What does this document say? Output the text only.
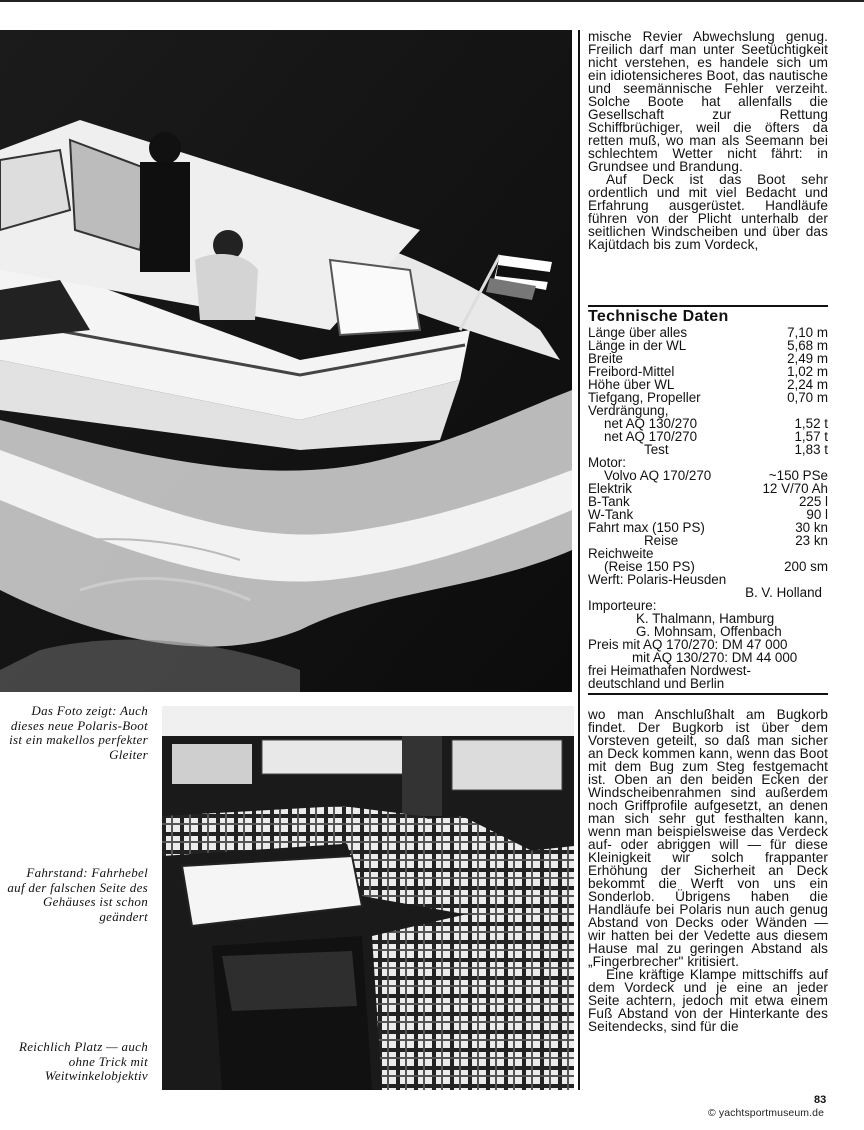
mische Revier Abwechslung genug. Freilich darf man unter Seetüchtigkeit nicht verstehen, es handele sich um ein idiotensicheres Boot, das nautische und seemännische Fehler verzeiht. Solche Boote hat allenfalls die Gesellschaft zur Rettung Schiffbrüchiger, weil die öfters da retten muß, wo man als Seemann bei schlechtem Wetter nicht fährt: in Grundsee und Brandung.

Auf Deck ist das Boot sehr ordentlich und mit viel Bedacht und Erfahrung ausgerüstet. Handläufe führen von der Plicht unterhalb der seitlichen Windscheiben und über das Kajütdach bis zum Vordeck,

Technische Daten
Länge über alles	7,10 m
Länge in der WL	5,68 m
Breite	2,49 m
Freibord-Mittel	1,02 m
Höhe über WL	2,24 m
Tiefgang, Propeller	0,70 m
Verdrängung,
net AQ 130/270	1,52 t
net AQ 170/270	1,57 t
Test	1,83 t
Motor:
Volvo AQ 170/270	~150 PSe
Elektrik	12 V/70 Ah
B-Tank	225 l
W-Tank	90 l
Fahrt max (150 PS)	30 kn
Reise	23 kn
Reichweite
(Reise 150 PS)	200 sm
Werft: Polaris-Heusden
B. V. Holland
Importeure:
K. Thalmann, Hamburg
G. Mohnsam, Offenbach
Preis mit AQ 170/270: DM 47 000
mit AQ 130/270: DM 44 000
frei Heimathafen Nordwest-
deutschland und Berlin

wo man Anschlußhalt am Bugkorb findet. Der Bugkorb ist über dem Vorsteven geteilt, so daß man sicher an Deck kommen kann, wenn das Boot mit dem Bug zum Steg festgemacht ist. Oben an den beiden Ecken der Windscheibenrahmen sind außerdem noch Griffprofile aufgesetzt, an denen man sich sehr gut festhalten kann, wenn man beispielsweise das Verdeck auf- oder abriggen will — für diese Kleinigkeit wir solch frappanter Erhöhung der Sicherheit an Deck bekommt die Werft von uns ein Sonderlob. Übrigens haben die Handläufe bei Polaris nun auch genug Abstand von Decks oder Wänden — wir hatten bei der Vedette aus diesem Hause mal zu geringen Abstand als „Fingerbrecher" kritisiert.

Eine kräftige Klampe mittschiffs auf dem Vordeck und je eine an jeder Seite achtern, jedoch mit etwa einem Fuß Abstand von der Hinterkante des Seitendecks, sind für die

Das Foto zeigt: Auch dieses neue Polaris-Boot ist ein makellos perfekter Gleiter
Fahrstand: Fahrhebel auf der falschen Seite des Gehäuses ist schon geändert
Reichlich Platz — auch ohne Trick mit Weitwinkelobjektiv
83
© yachtsportmuseum.de
